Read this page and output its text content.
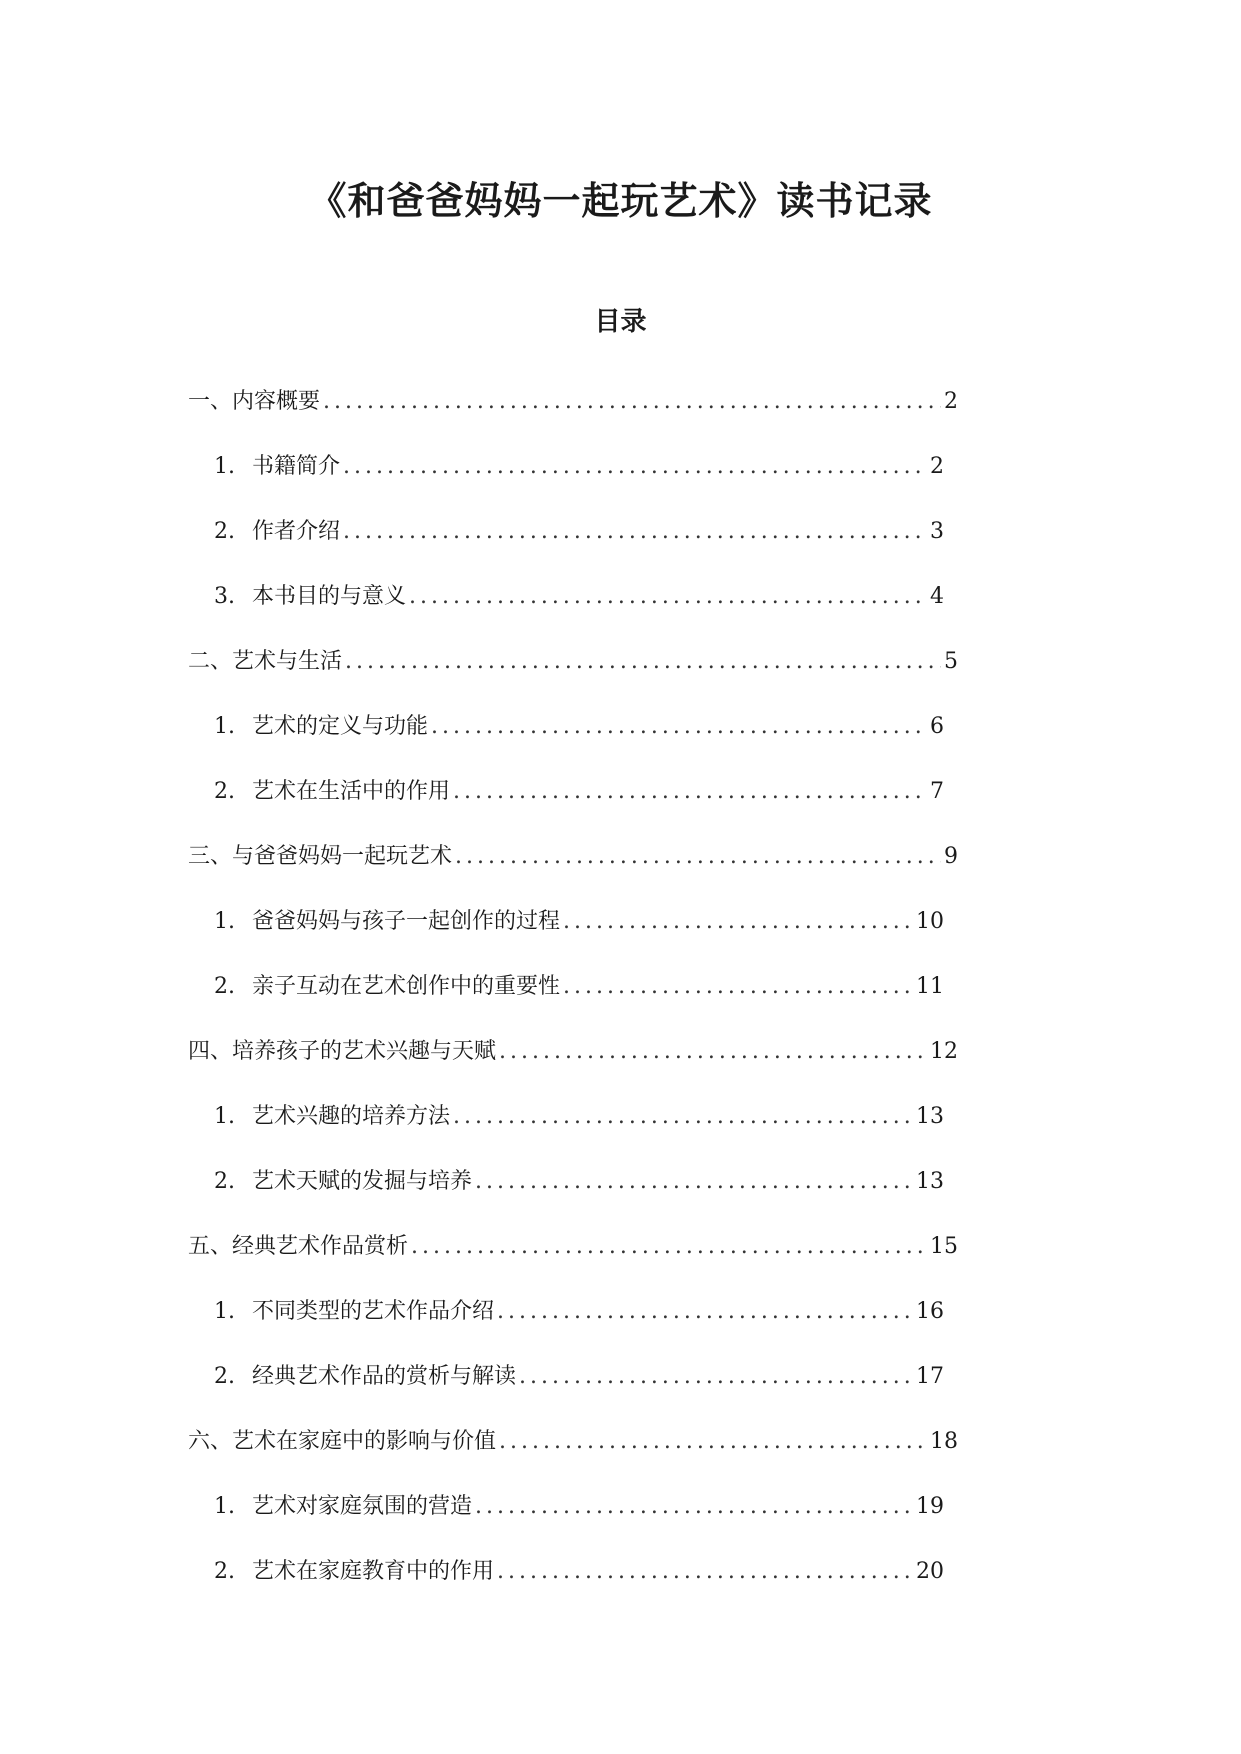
《和爸爸妈妈一起玩艺术》读书记录
目录
一、内容概要 .....	2
1. 书籍简介 .....	2
2. 作者介绍 .....	3
3. 本书目的与意义 .....	4
二、艺术与生活 .....	5
1. 艺术的定义与功能 .....	6
2. 艺术在生活中的作用 .....	7
三、与爸爸妈妈一起玩艺术 .....	9
1. 爸爸妈妈与孩子一起创作的过程 .....	10
2. 亲子互动在艺术创作中的重要性 .....	11
四、培养孩子的艺术兴趣与天赋 .....	12
1. 艺术兴趣的培养方法 .....	13
2. 艺术天赋的发掘与培养 .....	13
五、经典艺术作品赏析 .....	15
1. 不同类型的艺术作品介绍 .....	16
2. 经典艺术作品的赏析与解读 .....	17
六、艺术在家庭中的影响与价值 .....	18
1. 艺术对家庭氛围的营造 .....	19
2. 艺术在家庭教育中的作用 .....	20
